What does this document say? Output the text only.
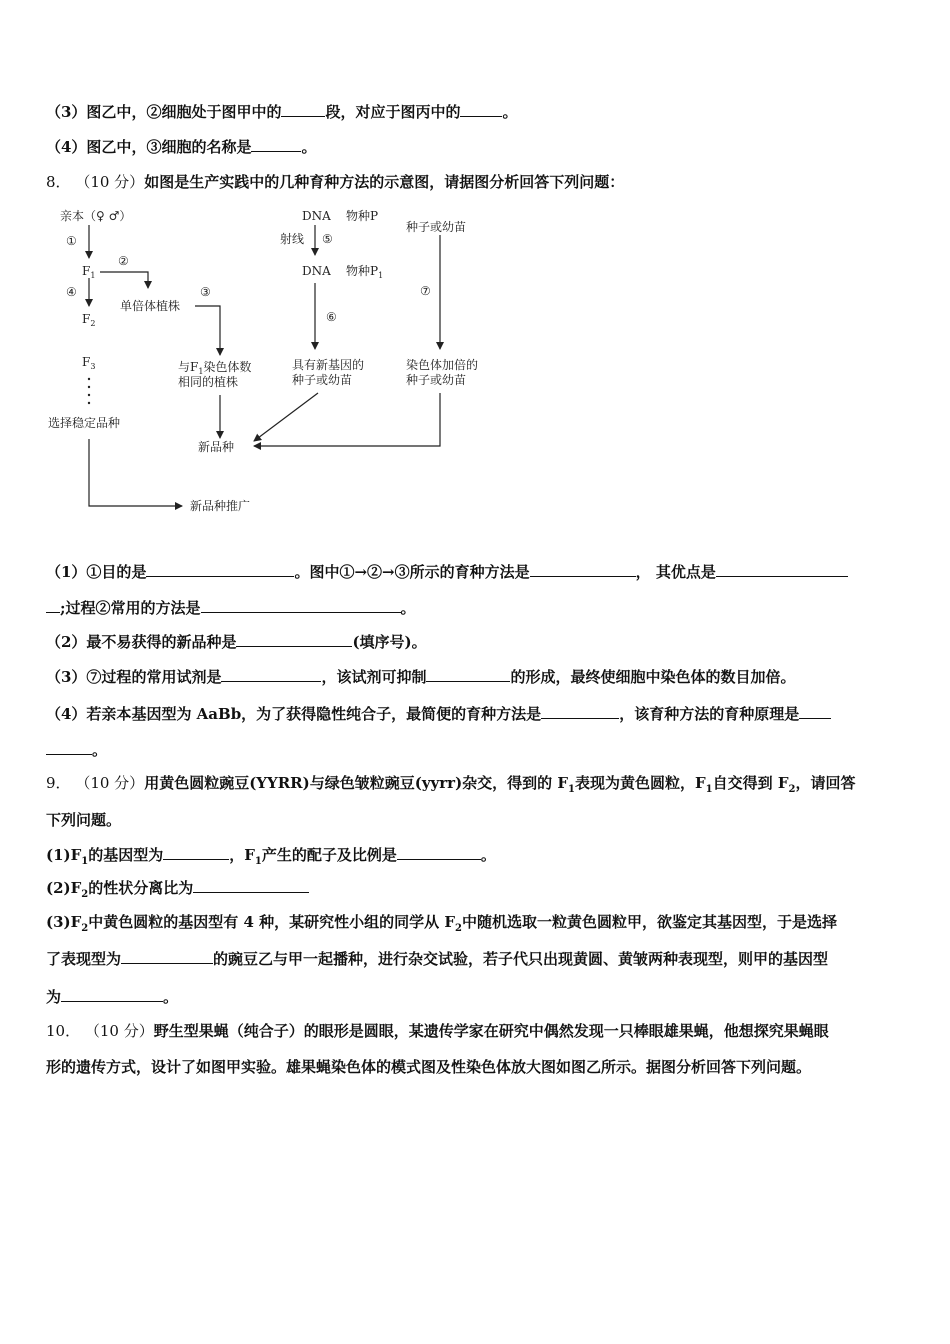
（3）图乙中，②细胞处于图甲中的	段，对应于图丙中的	。
（4）图乙中，③细胞的名称是	。
8． （10 分）如图是生产实践中的几种育种方法的示意图，请据图分析回答下列问题：
亲本（♀ ♂）
①
$F_1$
②
④
单倍体植株
③
$F_2$
$F_3$	与$F_1$染色体数
相同的植株
选择稳定品种
DNA 物种P
射线 ⑤
DNA 物种$P_1$
⑥
具有新基因的
种子或幼苗
种子或幼苗
⑦
染色体加倍的
种子或幼苗
新品种
新品种推广
（1）①目的是	。图中①→②→③所示的育种方法是	， 其优点是
;过程②常用的方法是	。
（2）最不易获得的新品种是	(填序号)。
（3）⑦过程的常用试剂是	，该试剂可抑制	的形成，最终使细胞中染色体的数目加倍。
（4）若亲本基因型为 AaBb，为了获得隐性纯合子，最简便的育种方法是	，该育种方法的育种原理是
。
9． （10 分）用黄色圆粒豌豆(YYRR)与绿色皱粒豌豆(yyrr)杂交，得到的 $F_1$表现为黄色圆粒，$F_1$自交得到 $F_2$，请回答
下列问题。
$(1)F_1$的基因型为	，$F_1$产生的配子及比例是	。
$(2)F_2$的性状分离比为
$(3)F_2$中黄色圆粒的基因型有 4 种，某研究性小组的同学从 $F_2$中随机选取一粒黄色圆粒甲，欲鉴定其基因型，于是选择
了表现型为	的豌豆乙与甲一起播种，进行杂交试验，若子代只出现黄圆、黄皱两种表现型，则甲的基因型
为	。
10． （10 分）野生型果蝇（纯合子）的眼形是圆眼，某遗传学家在研究中偶然发现一只棒眼雄果蝇，他想探究果蝇眼
形的遗传方式，设计了如图甲实验。雄果蝇染色体的模式图及性染色体放大图如图乙所示。据图分析回答下列问题。
